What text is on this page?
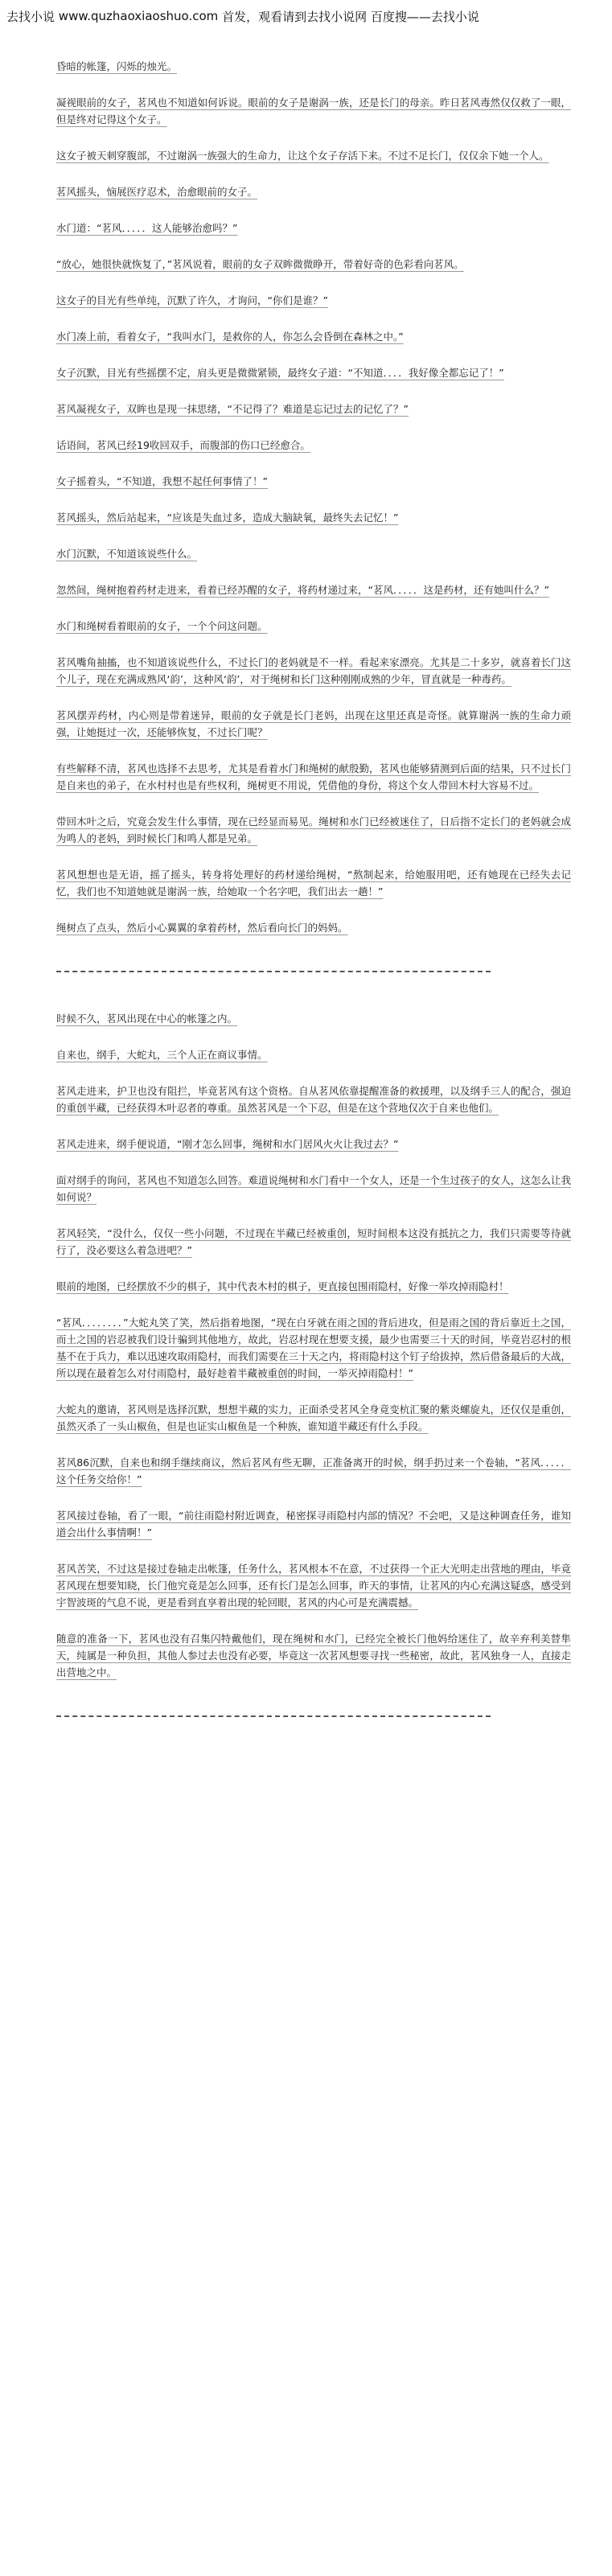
去找小说
www.quzhaoxiaoshuo.com
首发，观看请到去找小说网 百度搜——去找小说

昏暗的帐篷，闪烁的烛光。

凝视眼前的女子，茗风也不知道如何诉说。眼前的女子是谢涡一族，还是长门的母亲。昨日茗风毒然仅仅救了一眼，但是终对记得这个女子。

这女子被天刺穿腹部，不过谢涡一族强大的生命力，让这个女子存活下来。不过不足长门，仅仅余下她一个人。

茗风摇头，恼展医疗忍术，治愈眼前的女子。

水门道：“茗风．．．．．这人能够治愈吗？”

“放心，她很快就恢复了，”茗风说着，眼前的女子双眸微微睁开，带着好奇的色彩看向茗风。

这女子的目光有些单纯，沉默了许久，才询问，“你们是谁？”

水门凑上前，看着女子，“我叫水门，是救你的人，你怎么会昏倒在森林之中。”

女子沉默，目光有些摇摆不定，肩头更是微微紧锁，最终女子道：“不知道．．．．我好像全都忘记了！”

茗风凝视女子，双眸也是现一抹思绪，“不记得了？难道是忘记过去的记忆了？”

话语间，茗风已经19收回双手，而腹部的伤口已经愈合。

女子摇着头，“不知道，我想不起任何事情了！”

茗风摇头，然后站起来，“应该是失血过多，造成大脑缺氧，最终失去记忆！”

水门沉默，不知道该说些什么。

忽然间，绳树抱着药材走进来，看着已经苏醒的女子，将药材递过来，“茗风．．．．．这是药材，还有她叫什么？”

水门和绳树看着眼前的女子，一个个问这问题。

茗风嘴角抽搐，也不知道该说些什么，不过长门的老妈就是不一样。看起来家漂亮。尤其是二十多岁，就喜着长门这个儿子，现在充满成熟风‘韵’，这种风‘韵’，对于绳树和长门这种刚刚成熟的少年，冒直就是一种毒药。

茗风摆弄药材，内心则是带着迷异，眼前的女子就是长门老妈，出现在这里还真是奇怪。就算谢涡一族的生命力顽强，让她挺过一次，还能够恢复，不过长门呢？

有些解释不清，茗风也选择不去思考，尤其是看着水门和绳树的献殷勤，茗风也能够猜测到后面的结果，只不过长门是自来也的弟子，在水村村也是有些权利，绳树更不用说，凭借他的身份，将这个女人带回木村大容易不过。

带回木叶之后，究竟会发生什么事情，现在已经显而易见。绳树和水门已经被迷住了，日后指不定长门的老妈就会成为鸣人的老妈，到时候长门和鸣人都是兄弟。

茗风想想也是无语，摇了摇头，转身将处理好的药材递给绳树，“熬制起来，给她服用吧，还有她现在已经失去记忆，我们也不知道她就是谢涡一族，给她取一个名字吧，我们出去一趟！”

绳树点了点头，然后小心翼翼的拿着药材，然后看向长门的妈妈。

时候不久，茗风出现在中心的帐篷之内。

自来也，纲手，大蛇丸，三个人正在商议事情。

茗风走进来，护卫也没有阻拦，毕竟茗风有这个资格。自从茗风依靠提醒准备的救援理，以及纲手三人的配合，强迫的重创半藏，已经获得木叶忍者的尊重。虽然茗风是一个下忍，但是在这个营地仅次于自来也他们。

茗风走进来，纲手便说道，“刚才怎么回事，绳树和水门居风火火让我过去？”

面对纲手的询问，茗风也不知道怎么回答。难道说绳树和水门看中一个女人，还是一个生过孩子的女人，这怎么让我如何说？

茗风轻笑，“没什么，仅仅一些小问题，不过现在半藏已经被重创，短时间根本这没有抵抗之力，我们只需要等待就行了，没必要这么着急进吧？”

眼前的地图，已经摆放不少的棋子，其中代表木村的棋子，更直接包围雨隐村，好像一举攻掉雨隐村！

“茗风．．．．．．．．”大蛇丸笑了笑，然后指着地图，“现在白牙就在雨之国的背后进攻，但是雨之国的背后靠近土之国，而土之国的岩忍被我们设计骗到其他地方，故此，岩忍村现在想要支援，最少也需要三十天的时间，毕竟岩忍村的根基不在于兵力，难以迅速攻取雨隐村，而我们需要在三十天之内，将雨隐村这个钉子给拔掉，然后借备最后的大战，所以现在最着怎么对付雨隐村，最好趁着半藏被重创的时间，一举灭掉雨隐村！”

大蛇丸的邀请，茗风则是选择沉默，想想半藏的实力，正面杀受茗风全身竟变杭汇聚的紫炎螺旋丸，还仅仅是重创，虽然灭杀了一头山椒鱼，但是也证实山椒鱼是一个种族，谁知道半藏还有什么手段。

茗风86沉默，自来也和纲手继续商议，然后茗风有些无聊，正准备离开的时候，纲手扔过来一个卷轴，“茗风．．．．．这个任务交给你！”

茗风接过卷轴，看了一眼，“前往雨隐村附近调查，秘密探寻雨隐村内部的情况？不会吧，又是这种调查任务，谁知道会出什么事情啊！”

茗风苦笑，不过这是接过卷轴走出帐篷，任务什么，茗风根本不在意，不过获得一个正大光明走出营地的理由，毕竟茗风现在想要知晓，长门他究竟是怎么回事，还有长门是怎么回事，昨天的事情，让茗风的内心充满这疑惑，感受到宇智波斑的气息不说，更是看到直享着出现的轮回眼，茗风的内心可是充满震撼。

随意的准备一下，茗风也没有召集闪特戴他们，现在绳树和水门，已经完全被长门他妈给迷住了，故辛弃利美替隼天，纯属是一种负担，其他人参过去也没有必要，毕竟这一次茗风想要寻找一些秘密，故此，茗风独身一人，直接走出营地之中。
